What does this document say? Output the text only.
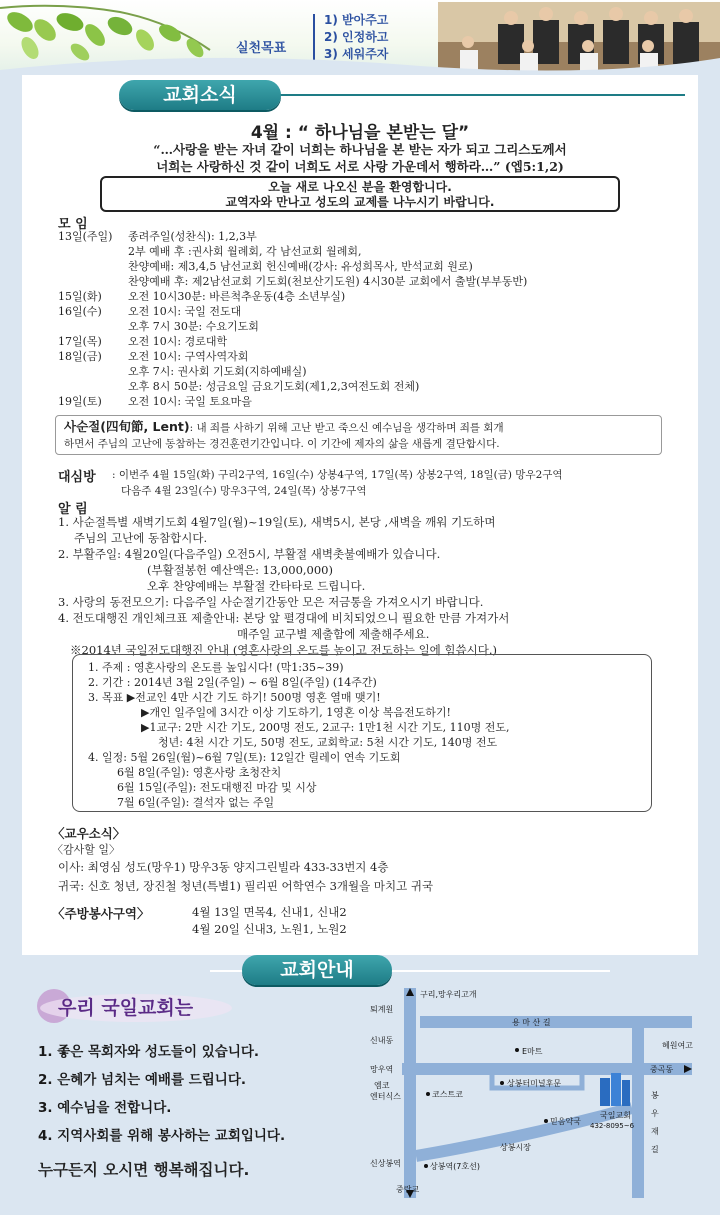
실천목표
1) 받아주고
2) 인정하고
3) 세워주자
교회소식
4월 : “ 하나님을 본받는 달”
“…사랑을 받는 자녀 같이 너희는 하나님을 본 받는 자가 되고 그리스도께서
너희는 사랑하신 것 같이 너희도 서로 사랑 가운데서 행하라…” (엡5:1,2)
오늘 새로 나오신 분을 환영합니다.
교역자와 만나고 성도의 교제를 나누시기 바랍니다.
모 임
13일(주일) 종려주일(성찬식): 1,2,3부
2부 예배 후 :권사회 월례회, 각 남선교회 월례회,
찬양예배: 제3,4,5 남선교회 헌신예배(강사: 유성희목사, 반석교회 원로)
찬양예배 후: 제2남선교회 기도회(천보산기도원) 4시30분 교회에서 출발(부부동반)
15일(화) 오전 10시30분: 바른척추운동(4층 소년부실)
16일(수) 오전 10시: 국일 전도대
오후 7시 30분: 수요기도회
17일(목) 오전 10시: 경로대학
18일(금) 오전 10시: 구역사역자회
오후 7시: 권사회 기도회(지하예배실)
오후 8시 50분: 성금요일 금요기도회(제1,2,3여전도회 전체)
19일(토) 오전 10시: 국일 토요마을
사순절(四旬節, Lent): 내 죄를 사하기 위해 고난 받고 죽으신 예수님을 생각하며 죄를 회개
하면서 주님의 고난에 동참하는 경건훈련기간입니다. 이 기간에 제자의 삶을 새롭게 결단합시다.
대심방 : 이번주 4월 15일(화) 구리2구역, 16일(수) 상봉4구역, 17일(목) 상봉2구역, 18일(금) 망우2구역
다음주 4월 23일(수) 망우3구역, 24일(목) 상봉7구역
알 림
1. 사순절특별 새벽기도회 4월7일(월)~19일(토), 새벽5시, 본당 ,새벽을 깨워 기도하며
주님의 고난에 동참합시다.
2. 부활주일: 4월20일(다음주일) 오전5시, 부활절 새벽촛불예배가 있습니다.
(부활절봉헌 예산액은: 13,000,000)
오후 찬양예배는 부활절 칸타타로 드립니다.
3. 사랑의 동전모으기: 다음주일 사순절기간동안 모은 저금통을 가져오시기 바랍니다.
4. 전도대행진 개인체크표 제출안내: 본당 앞 펼경대에 비치되었으니 필요한 만큼 가져가서
매주일 교구별 제출함에 제출해주세요.
※2014년 국일전도대행진 안내 (영혼사랑의 온도를 높이고 전도하는 일에 힘씁시다.)
1. 주제 : 영혼사랑의 온도를 높입시다! (막1:35~39)
2. 기간 : 2014년 3월 2일(주일) ~ 6월 8일(주일) (14주간)
3. 목표 ▶전교인 4만 시간 기도 하기! 500명 영혼 열매 맺기!
▶개인 일주일에 3시간 이상 기도하기, 1영혼 이상 복음전도하기!
▶1교구: 2만 시간 기도, 200명 전도, 2교구: 1만1천 시간 기도, 110명 전도,
청년: 4천 시간 기도, 50명 전도, 교회학교: 5천 시간 기도, 140명 전도
4. 일정: 5월 26일(월)~6월 7일(토): 12일간 릴레이 연속 기도회
6월 8일(주일): 영혼사랑 초청잔치
6월 15일(주일): 전도대행진 마감 및 시상
7월 6일(주일): 결석자 없는 주일
〈교우소식〉
〈감사할 일〉
이사: 최영심 성도(망우1) 망우3동 양지그린빌라 433-33번지 4층
귀국: 신호 청년, 장진철 청년(특별1) 필리핀 어학연수 3개월을 마치고 귀국
〈주방봉사구역〉	4월 13일 면목4, 신내1, 신내2
4월 20일 신내3, 노원1, 노원2
교회안내
우리 국일교회는
1. 좋은 목회자와 성도들이 있습니다.
2. 은혜가 넘치는 예배를 드립니다.
3. 예수님을 전합니다.
4. 지역사회를 위해 봉사하는 교회입니다.
누구든지 오시면 행복해집니다.
구리,망우리고개
퇴계원
용 마 산 길
신내동
혜원여고
E마트
망우역	중곡동
엠코
엔터식스	코스트코
상봉터미널후문
믿음약국
국일교회
432-8095~6
봉
우
재
길
상봉시장
신상봉역	상봉역(7호선)
중랑교
